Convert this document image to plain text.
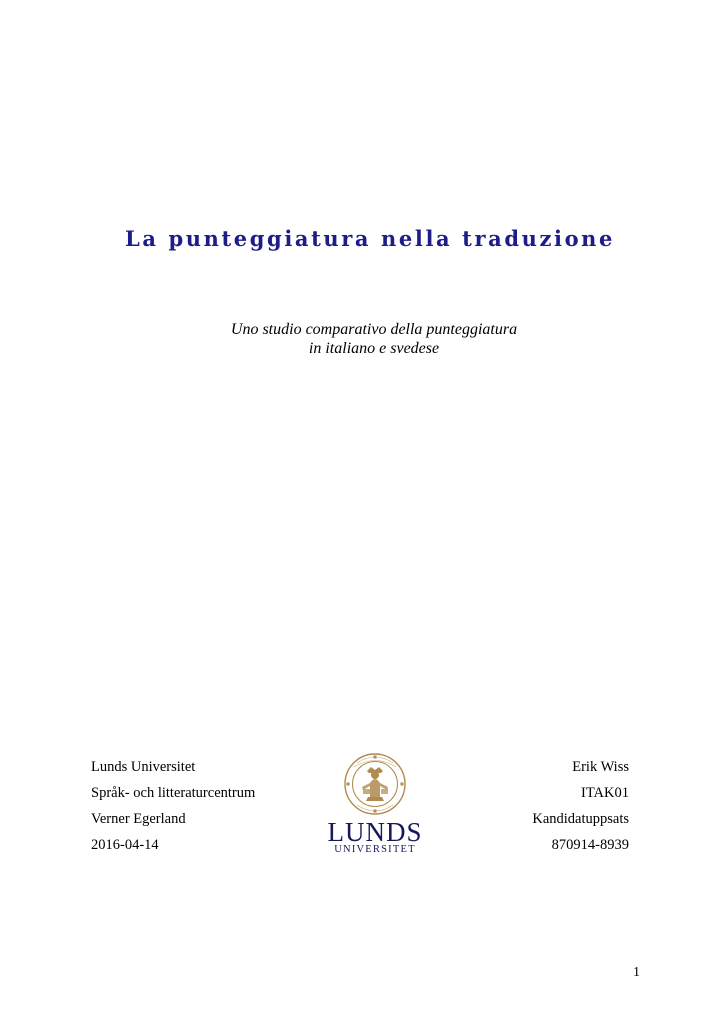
La punteggiatura nella traduzione
Uno studio comparativo della punteggiatura
in italiano e svedese
Lunds Universitet
Språk- och litteraturcentrum
Verner Egerland
2016-04-14
·
LUNDS
UNIVERSITET
Erik Wiss
ITAK01
Kandidatuppsats
870914-8939
1
